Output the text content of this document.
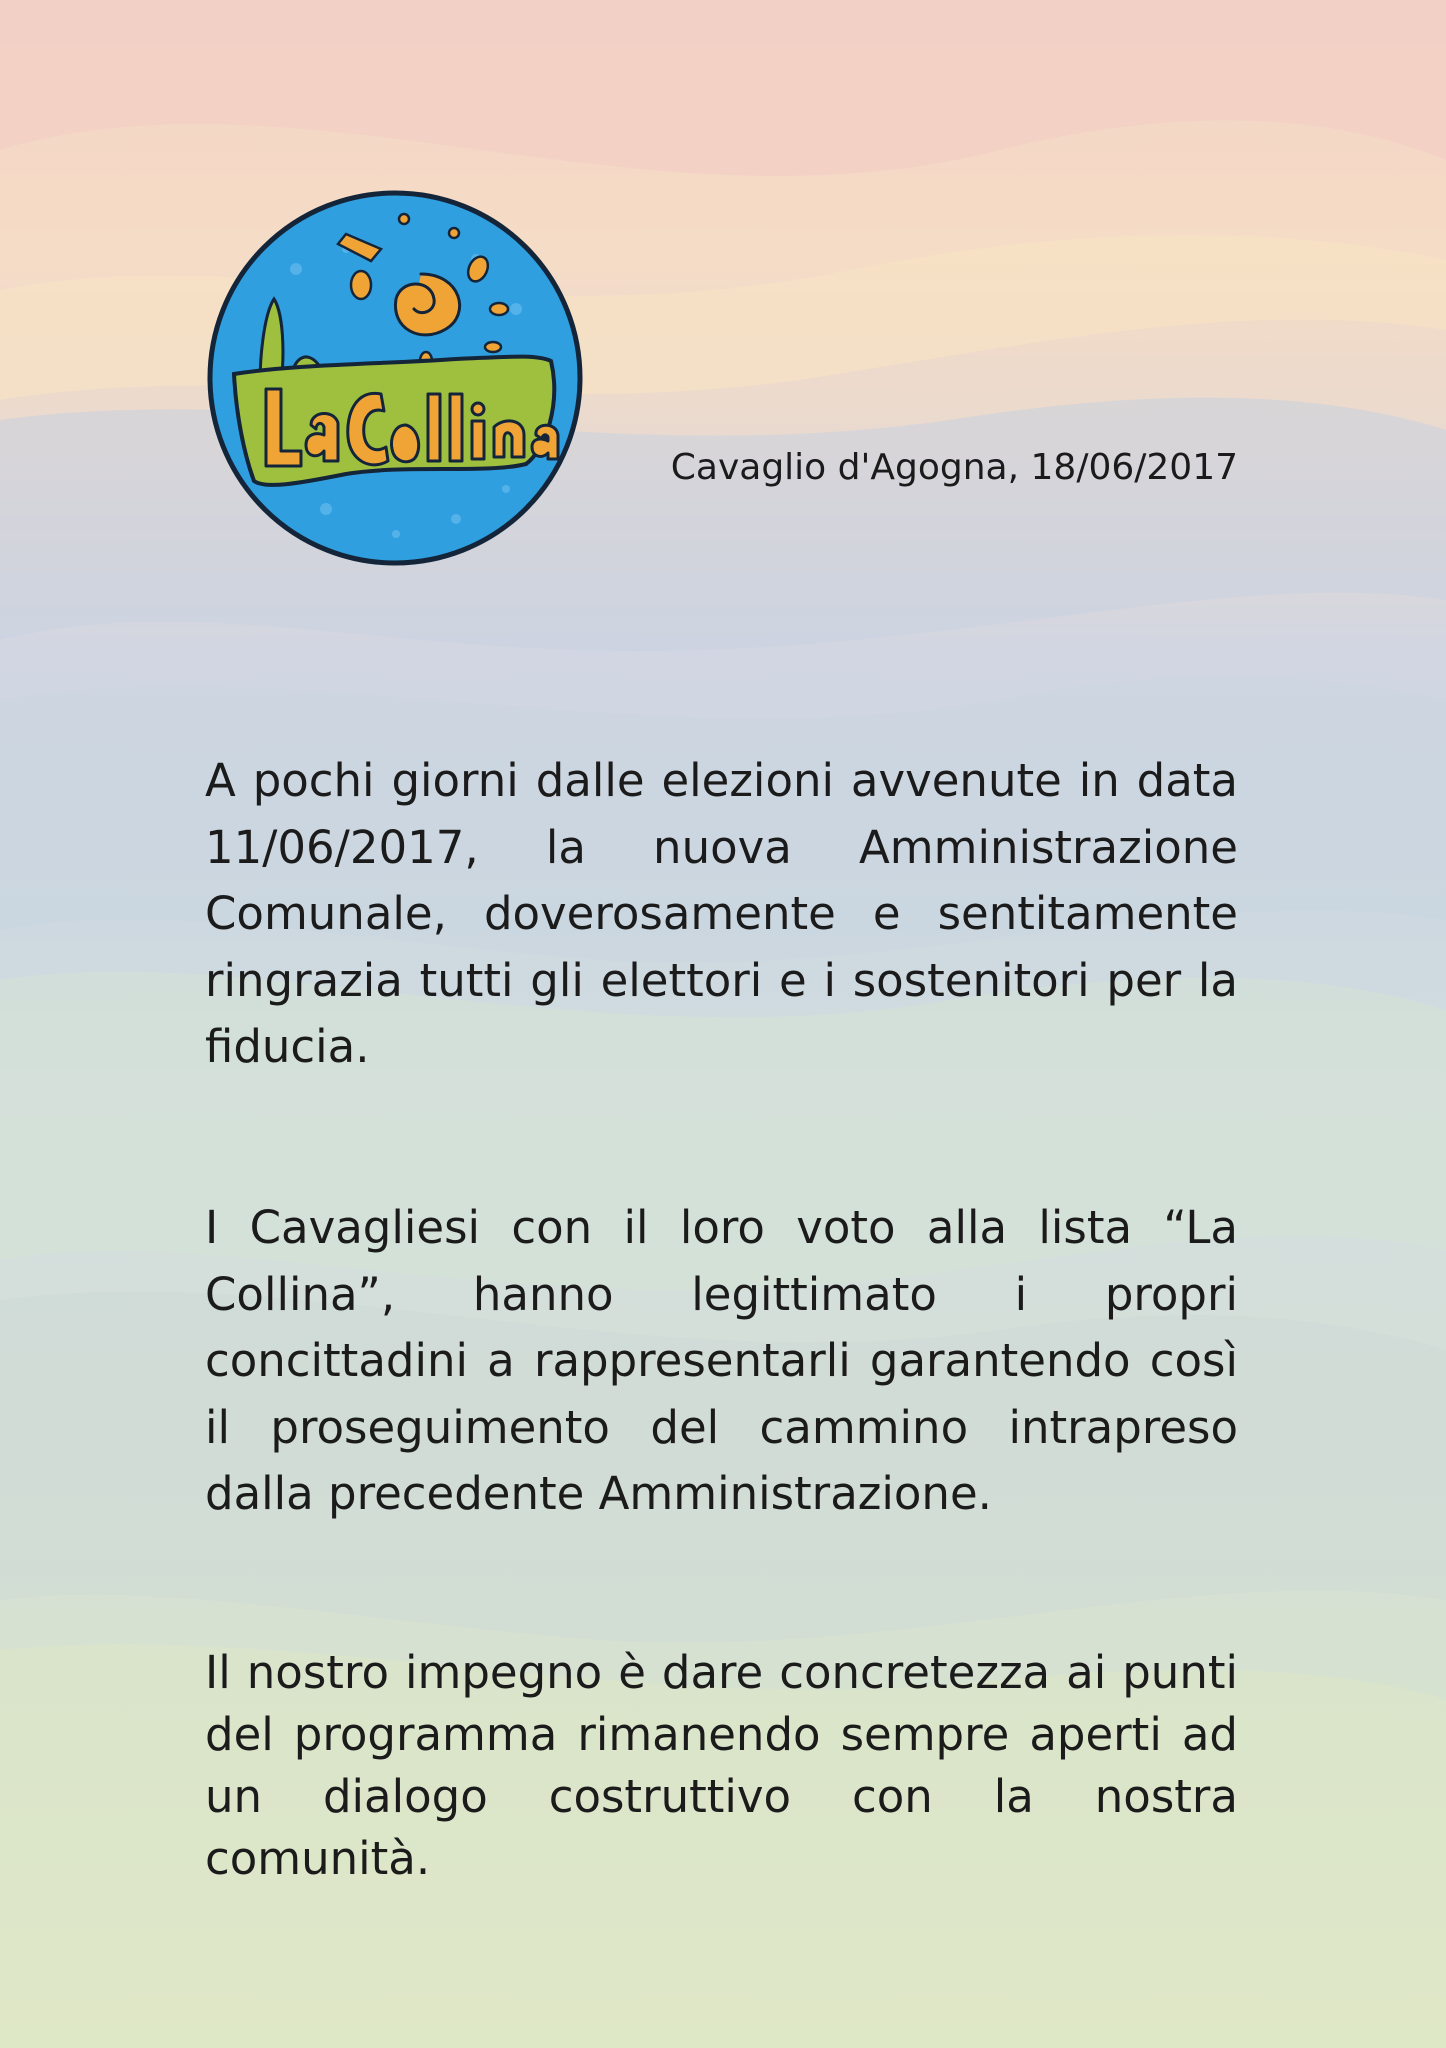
Cavaglio d'Agogna, 18/06/2017
A pochi giorni dalle elezioni avvenute in data 11/06/2017, la nuova Amministrazione Comunale, doverosamente e sentitamente ringrazia tutti gli elettori e i sostenitori per la fiducia.
I Cavagliesi con il loro voto alla lista “La Collina”, hanno legittimato i propri concittadini a rappresentarli garantendo così il proseguimento del cammino intrapreso dalla precedente Amministrazione.
Il nostro impegno è dare concretezza ai punti del programma rimanendo sempre aperti ad un dialogo costruttivo con la nostra comunità.
